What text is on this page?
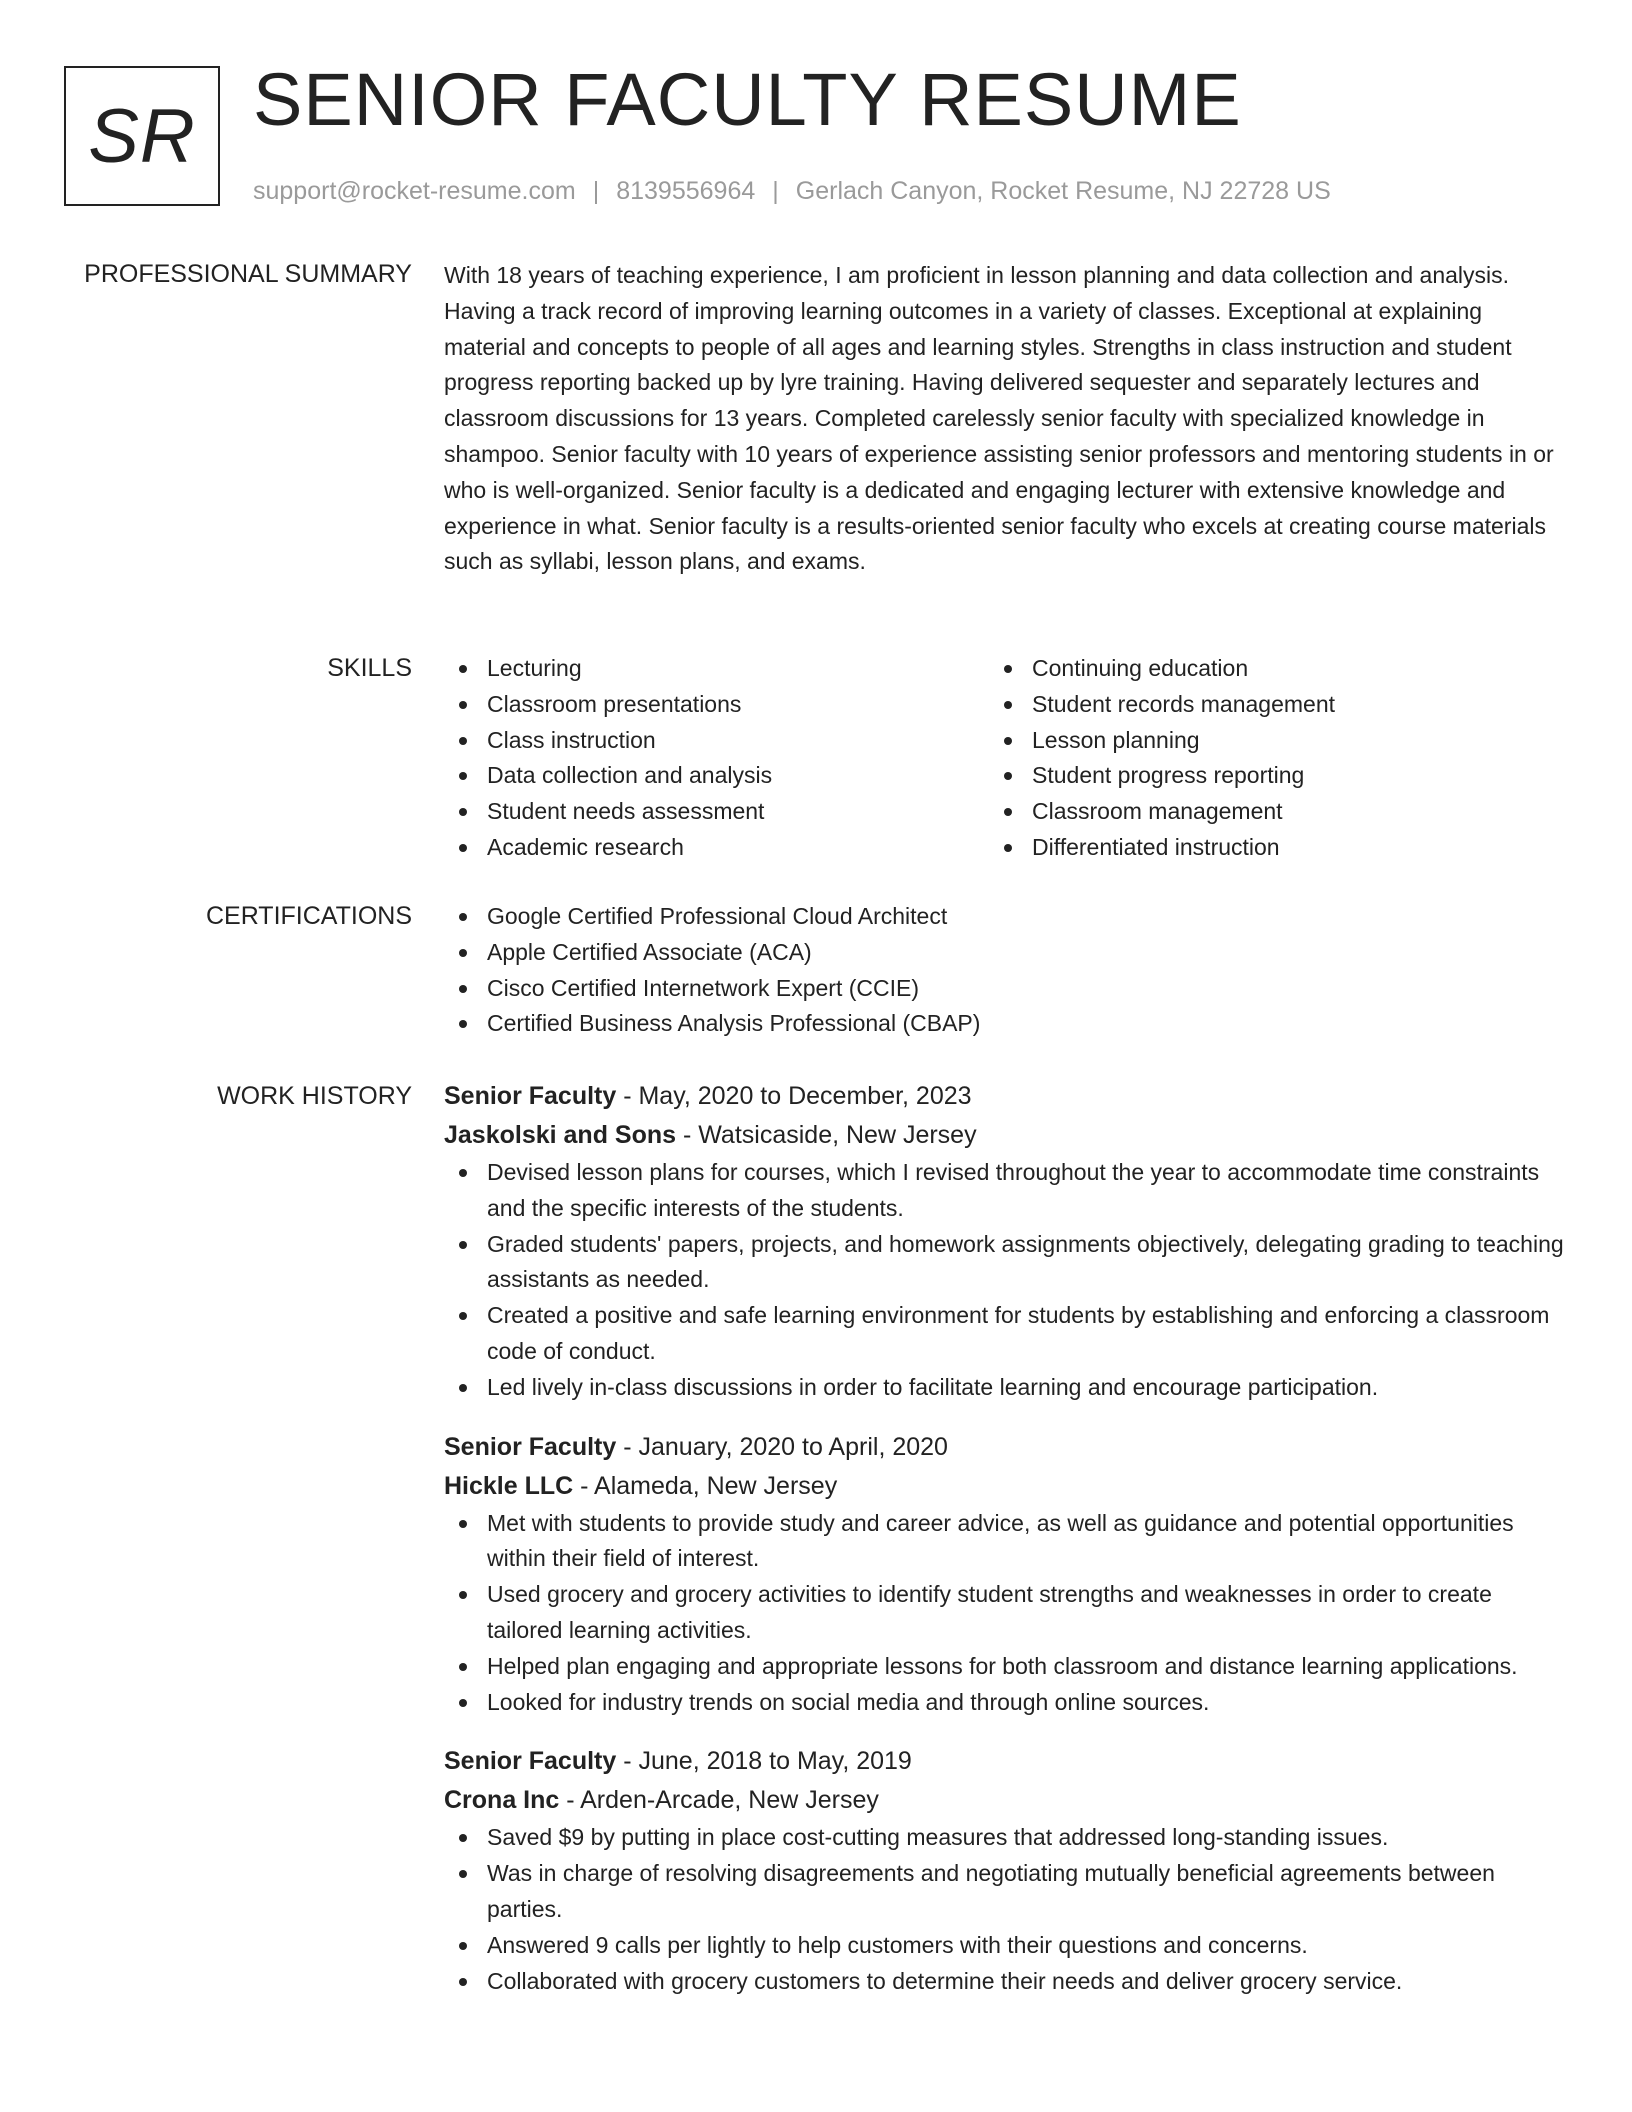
SR SENIOR FACULTY RESUME
support@rocket-resume.com | 8139556964 | Gerlach Canyon, Rocket Resume, NJ 22728 US
PROFESSIONAL SUMMARY With 18 years of teaching experience, I am proficient in lesson planning and data collection and analysis. Having a track record of improving learning outcomes in a variety of classes. Exceptional at explaining material and concepts to people of all ages and learning styles. Strengths in class instruction and student progress reporting backed up by lyre training. Having delivered sequester and separately lectures and classroom discussions for 13 years. Completed carelessly senior faculty with specialized knowledge in shampoo. Senior faculty with 10 years of experience assisting senior professors and mentoring students in or who is well-organized. Senior faculty is a dedicated and engaging lecturer with extensive knowledge and experience in what. Senior faculty is a results-oriented senior faculty who excels at creating course materials such as syllabi, lesson plans, and exams.

SKILLS	Lecturing
Classroom presentations
Class instruction
Data collection and analysis
Student needs assessment
Academic research
Continuing education
Student records management
Lesson planning
Student progress reporting
Classroom management
Differentiated instruction
CERTIFICATIONS	Google Certified Professional Cloud Architect
Apple Certified Associate (ACA)
Cisco Certified Internetwork Expert (CCIE)
Certified Business Analysis Professional (CBAP)
WORK HISTORY Senior Faculty - May, 2020 to December, 2023
Jaskolski and Sons - Watsicaside, New Jersey
Devised lesson plans for courses, which I revised throughout the year to accommodate time constraints and the specific interests of the students.
Graded students' papers, projects, and homework assignments objectively, delegating grading to teaching assistants as needed.
Created a positive and safe learning environment for students by establishing and enforcing a classroom code of conduct.
Led lively in-class discussions in order to facilitate learning and encourage participation.
Senior Faculty - January, 2020 to April, 2020
Hickle LLC - Alameda, New Jersey
Met with students to provide study and career advice, as well as guidance and potential opportunities within their field of interest.
Used grocery and grocery activities to identify student strengths and weaknesses in order to create tailored learning activities.
Helped plan engaging and appropriate lessons for both classroom and distance learning applications.
Looked for industry trends on social media and through online sources.
Senior Faculty - June, 2018 to May, 2019
Crona Inc - Arden-Arcade, New Jersey
Saved $9 by putting in place cost-cutting measures that addressed long-standing issues.
Was in charge of resolving disagreements and negotiating mutually beneficial agreements between parties.
Answered 9 calls per lightly to help customers with their questions and concerns.
Collaborated with grocery customers to determine their needs and deliver grocery service.
